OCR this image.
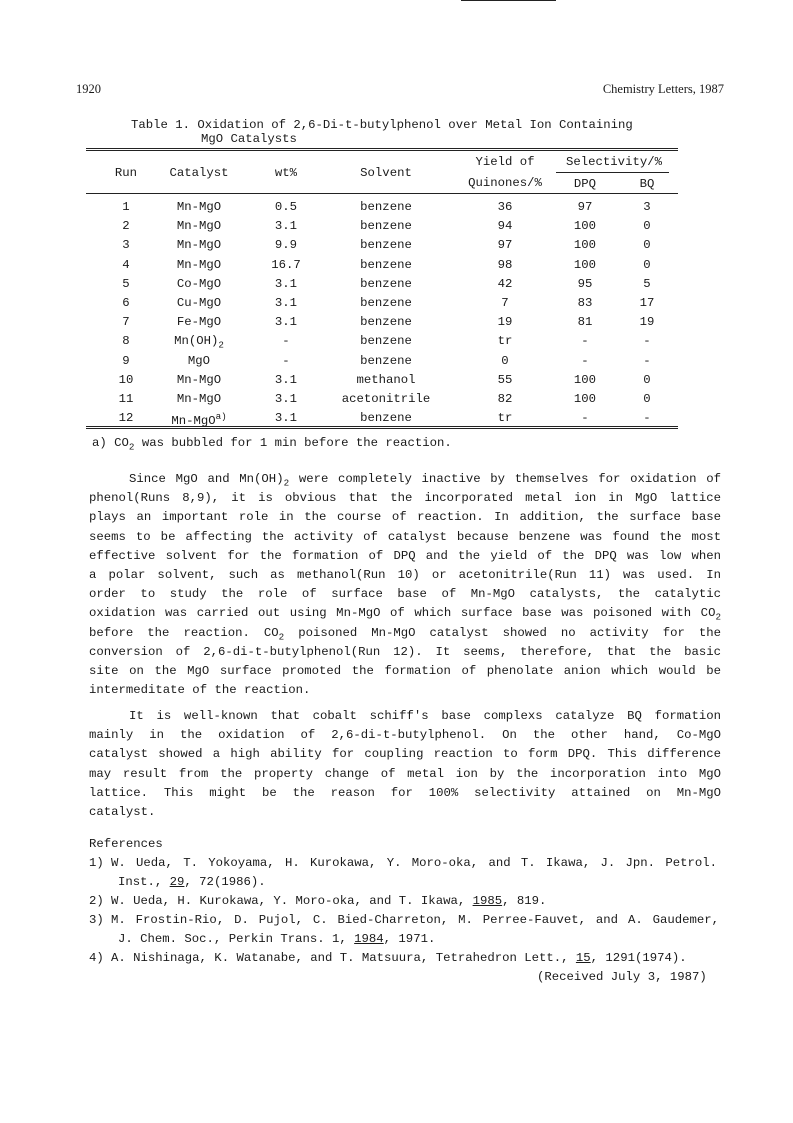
1920	Chemistry Letters, 1987
Table 1. Oxidation of 2,6-Di-t-butylphenol over Metal Ion Containing
MgO Catalysts
Run	Catalyst	wt%	Solvent
Yield of
Quinones/%
Selectivity/%
DPQ	BQ
1	Mn-MgO	0.5	benzene	36	97	3
2	Mn-MgO	3.1	benzene	94	100	0
3	Mn-MgO	9.9	benzene	97	100	0
4	Mn-MgO	16.7	benzene	98	100	0
5	Co-MgO	3.1	benzene	42	95	5
6	Cu-MgO	3.1	benzene	7	83	17
7	Fe-MgO	3.1	benzene	19	81	19
8	$Mn(OH)_2$	-	benzene	tr	-	-
9	MgO	-	benzene	0	-	-
10	Mn-MgO	3.1	methanol	55	100	0
11	Mn-MgO	3.1	acetonitrile	82	100	0
12	Mn-MgO$^{a)}$	3.1	benzene	tr	-	-
a) $CO_2$ was bubbled for 1 min before the reaction.
Since MgO and $Mn(OH)_2$ were completely inactive by themselves for oxidation of
phenol(Runs 8,9), it is obvious that the incorporated metal ion in MgO lattice
plays an important role in the course of reaction. In addition, the surface base
seems to be affecting the activity of catalyst because benzene was found the most
effective solvent for the formation of DPQ and the yield of the DPQ was low when
a polar solvent, such as methanol(Run 10) or acetonitrile(Run 11) was used. In
order to study the role of surface base of Mn-MgO catalysts, the catalytic
oxidation was carried out using Mn-MgO of which surface base was poisoned with $CO_2$
before the reaction. $CO_2$ poisoned Mn-MgO catalyst showed no activity for the
conversion of 2,6-di-t-butylphenol(Run 12). It seems, therefore, that the basic
site on the MgO surface promoted the formation of phenolate anion which would be
intermeditate of the reaction.
It is well-known that cobalt schiff's base complexs catalyze BQ formation
mainly in the oxidation of 2,6-di-t-butylphenol. On the other hand, Co-MgO
catalyst showed a high ability for coupling reaction to form DPQ. This difference
may result from the property change of metal ion by the incorporation into MgO
lattice. This might be the reason for 100% selectivity attained on Mn-MgO
catalyst.
References
1) W. Ueda, T. Yokoyama, H. Kurokawa, Y. Moro-oka, and T. Ikawa, J. Jpn. Petrol.
Inst., 29, 72(1986).
2) W. Ueda, H. Kurokawa, Y. Moro-oka, and T. Ikawa, 1985, 819.
3) M. Frostin-Rio, D. Pujol, C. Bied-Charreton, M. Perree-Fauvet, and A. Gaudemer,
J. Chem. Soc., Perkin Trans. 1, 1984, 1971.
4) A. Nishinaga, K. Watanabe, and T. Matsuura, Tetrahedron Lett., 15, 1291(1974).
(Received July 3, 1987)
